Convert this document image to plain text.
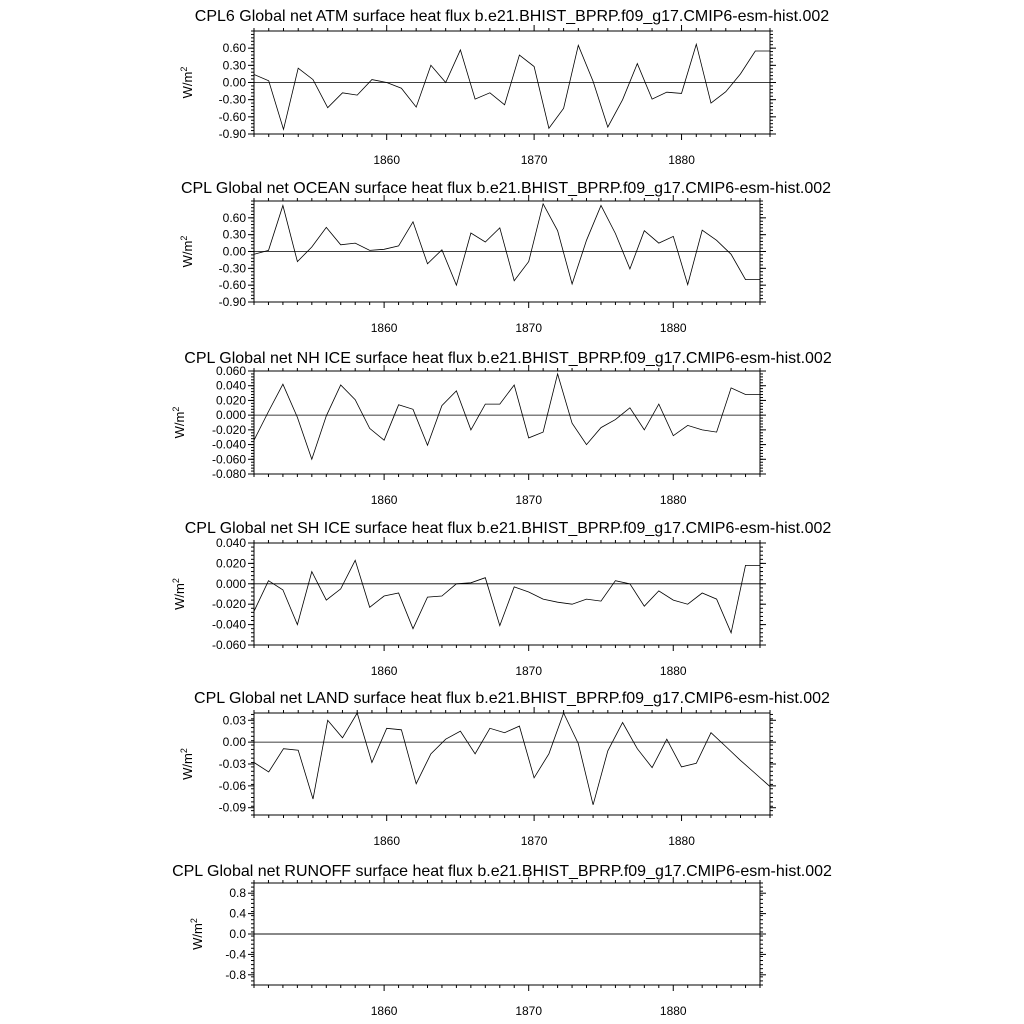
CPL6 Global net ATM surface heat flux b.e21.BHIST_BPRP.f09_g17.CMIP6-esm-hist.002
0.60
0.30
0.00
-0.30
-0.60
-0.90
1860	1870	1880
$W/m^2$
CPL Global net OCEAN surface heat flux b.e21.BHIST_BPRP.f09_g17.CMIP6-esm-hist.002
0.60
0.30
0.00
-0.30
-0.60
-0.90
1860	1870	1880
$W/m^2$
CPL Global net NH ICE surface heat flux b.e21.BHIST_BPRP.f09_g17.CMIP6-esm-hist.002
0.060
0.040
0.020
0.000
-0.020
-0.040
-0.060
-0.080
1860	1870	1880
$W/m^2$
CPL Global net SH ICE surface heat flux b.e21.BHIST_BPRP.f09_g17.CMIP6-esm-hist.002
0.040
0.020
0.000
-0.020
-0.040
-0.060
1860	1870	1880
$W/m^2$
CPL Global net LAND surface heat flux b.e21.BHIST_BPRP.f09_g17.CMIP6-esm-hist.002
0.03
0.00
-0.03
-0.06
-0.09
1860	1870	1880
$W/m^2$
CPL Global net RUNOFF surface heat flux b.e21.BHIST_BPRP.f09_g17.CMIP6-esm-hist.002
0.8
0.4
0.0
-0.4
-0.8
1860	1870	1880
$W/m^2$
